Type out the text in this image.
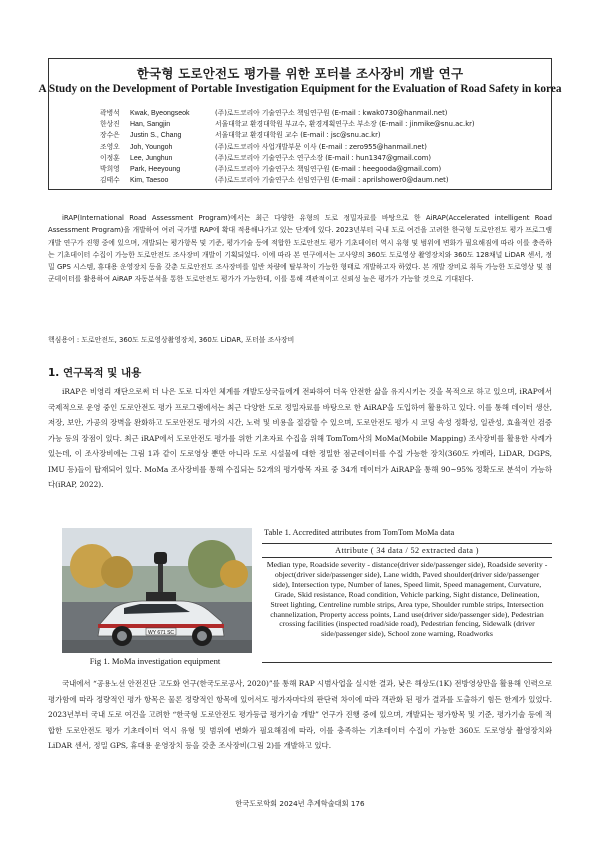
한국형 도로안전도 평가를 위한 포터블 조사장비 개발 연구
A Study on the Development of Portable Investigation Equipment for the Evaluation of Road Safety in korea
곽병석	Kwak, Byeongseok	(주)로드코리아 기술연구소 책임연구원 (E-mail : kwak0730@hanmail.net)
한상진	Han, Sangjin	서울대학교 환경대학원 부교수, 환경계획연구소 부소장 (E-mail : jinmike@snu.ac.kr)
장수은	Justin S., Chang	서울대학교 환경대학원 교수 (E-mail : jsc@snu.ac.kr)
조영오	Joh, Youngoh	(주)로드코리아 사업개발부문 이사 (E-mail : zero955@hanmail.net)
이정훈	Lee, Junghun	(주)로드코리아 기술연구소 연구소장 (E-mail : hun1347@gmail.com)
박희영	Park, Heeyoung	(주)로드코리아 기술연구소 책임연구원 (E-mail : heegooda@gmail.com)
김태수	Kim, Taesoo	(주)로드코리아 기술연구소 선임연구원 (E-mail : aprilshower0@daum.net)

iRAP(International Road Assessment Program)에서는 최근 다양한 유형의 도로 정밀자료를 바탕으로 한 AiRAP(Accelerated intelligent Road Assessment Program)을 개발하여 여러 국가별 RAP에 확대 적용해나가고 있는 단계에 있다. 2023년부터 국내 도로 여건을 고려한 한국형 도로안전도 평가 프로그램 개발 연구가 진행 중에 있으며, 개발되는 평가항목 및 기준, 평가기술 등에 적합한 도로안전도 평가 기초데이터 역시 유형 및 범위에 변화가 필요해짐에 따라 이를 충족하는 기초데이터 수집이 가능한 도로안전도 조사장비 개발이 기획되었다. 이에 따라 본 연구에서는 고사양의 360도 도로영상 촬영장치와 360도 128채널 LiDAR 센서, 정밀 GPS 시스템, 휴대용 운영장치 등을 갖춘 도로안전도 조사장비를 일반 차량에 탈부착이 가능한 형태로 개발하고자 하였다. 본 개발 장비로 취득 가능한 도로영상 및 점군데이터를 활용하여 AiRAP 자동분석을 통한 도로안전도 평가가 가능한데, 이를 통해 객관적이고 신뢰성 높은 평가가 가능할 것으로 기대된다.

핵심용어 : 도로안전도, 360도 도로영상촬영장치, 360도 LiDAR, 포터블 조사장비

1. 연구목적 및 내용

iRAP은 비영리 재단으로써 더 나은 도로 디자인 체계를 개발도상국들에게 전파하여 더욱 안전한 삶을 유지시키는 것을 목적으로 하고 있으며, iRAP에서 국제적으로 운영 중인 도로안전도 평가 프로그램에서는 최근 다양한 도로 정밀자료를 바탕으로 한 AiRAP을 도입하여 활용하고 있다. 이를 통해 데이터 생산, 저장, 보안, 가공의 장벽을 완화하고 도로안전도 평가의 시간, 노력 및 비용을 절감할 수 있으며, 도로안전도 평가 시 코딩 속성 정확성, 일관성, 효율적인 검증 가능 등의 장점이 있다. 최근 iRAP에서 도로안전도 평가를 위한 기초자료 수집을 위해 TomTom사의 MoMa(Mobile Mapping) 조사장비를 활용한 사례가 있는데, 이 조사장비에는 그림 1과 같이 도로영상 뿐만 아니라 도로 시설물에 대한 정밀한 점군데이터를 수집 가능한 장치(360도 카메라, LiDAR, DGPS, IMU 등)들이 탑재되어 있다. MoMa 조사장비를 통해 수집되는 52개의 평가항목 자료 중 34개 데이터가 AiRAP을 통해 90~95% 정확도로 분석이 가능하다(iRAP, 2022).

WY 671 SC
Fig 1. MoMa investigation equipment
Table 1. Accredited attributes from TomTom MoMa data
Attribute ( 34 data / 52 extracted data )
Median type, Roadside severity - distance(driver side/passenger side), Roadside severity - object(driver side/passenger side), Lane width, Paved shoulder(driver side/passenger side), Intersection type, Number of lanes, Speed limit, Speed management, Curvature, Grade, Skid resistance, Road condition, Vehicle parking, Sight distance, Delineation, Street lighting, Centreline rumble strips, Area type, Shoulder rumble strips, Intersection channelization, Property access points, Land use(driver side/passenger side), Pedestrian crossing facilities (inspected road/side road), Pedestrian fencing, Sidewalk (driver side/passenger side), School zone warning, Roadworks

국내에서 “공용노선 안전진단 고도화 연구(한국도로공사, 2020)”를 통해 RAP 시범사업을 실시한 결과, 낮은 해상도(1K) 전방영상만을 활용해 인력으로 평가함에 따라 정량적인 평가 항목은 물론 정량적인 항목에 있어서도 평가자마다의 판단력 차이에 따라 객관화 된 평가 결과를 도출하기 힘든 한계가 있었다. 2023년부터 국내 도로 여건을 고려한 “한국형 도로안전도 평가등급 평가기술 개발” 연구가 진행 중에 있으며, 개발되는 평가항목 및 기준, 평가기술 등에 적합한 도로안전도 평가 기초데이터 역시 유형 및 범위에 변화가 필요해짐에 따라, 이를 충족하는 기초데이터 수집이 가능한 360도 도로영상 촬영장치와 LiDAR 센서, 정밀 GPS, 휴대용 운영장치 등을 갖춘 조사장비(그림 2)를 개발하고 있다.

한국도로학회 2024년 추계학술대회 176
